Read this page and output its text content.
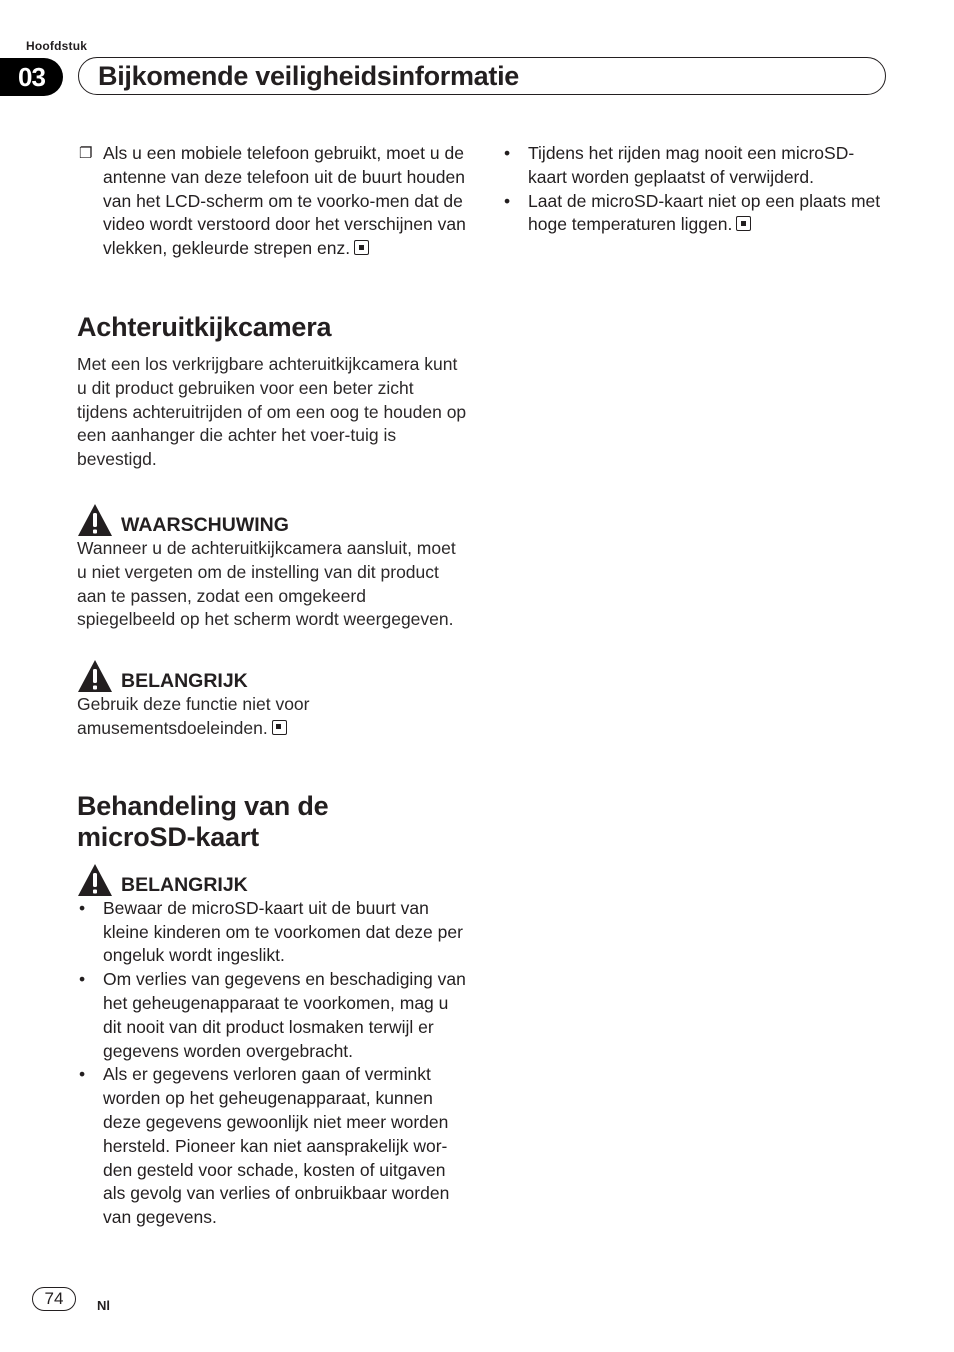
Hoofdstuk
03	Bijkomende veiligheidsinformatie
❐ Als u een mobiele telefoon gebruikt, moet u de antenne van deze telefoon uit de buurt houden van het LCD-scherm om te voorko-men dat de video wordt verstoord door het verschijnen van vlekken, gekleurde strepen enz.
Achteruitkijkcamera

Met een los verkrijgbare achteruitkijkcamera kunt u dit product gebruiken voor een beter zicht tijdens achteruitrijden of om een oog te houden op een aanhanger die achter het voer-tuig is bevestigd.

WAARSCHUWING

Wanneer u de achteruitkijkcamera aansluit, moet u niet vergeten om de instelling van dit product aan te passen, zodat een omgekeerd spiegelbeeld op het scherm wordt weergegeven.

BELANGRIJK

Gebruik deze functie niet voor amusementsdoeleinden.

Behandeling van de microSD-kaart
BELANGRIJK
•	Bewaar de microSD-kaart uit de buurt van kleine kinderen om te voorkomen dat deze per ongeluk wordt ingeslikt.
•	Om verlies van gegevens en beschadiging van het geheugenapparaat te voorkomen, mag u dit nooit van dit product losmaken terwijl er gegevens worden overgebracht.
•	Als er gegevens verloren gaan of verminkt worden op het geheugenapparaat, kunnen deze gegevens gewoonlijk niet meer worden hersteld. Pioneer kan niet aansprakelijk wor-den gesteld voor schade, kosten of uitgaven als gevolg van verlies of onbruikbaar worden van gegevens.
•	Tijdens het rijden mag nooit een microSD-kaart worden geplaatst of verwijderd.
•	Laat de microSD-kaart niet op een plaats met hoge temperaturen liggen.
74	Nl
